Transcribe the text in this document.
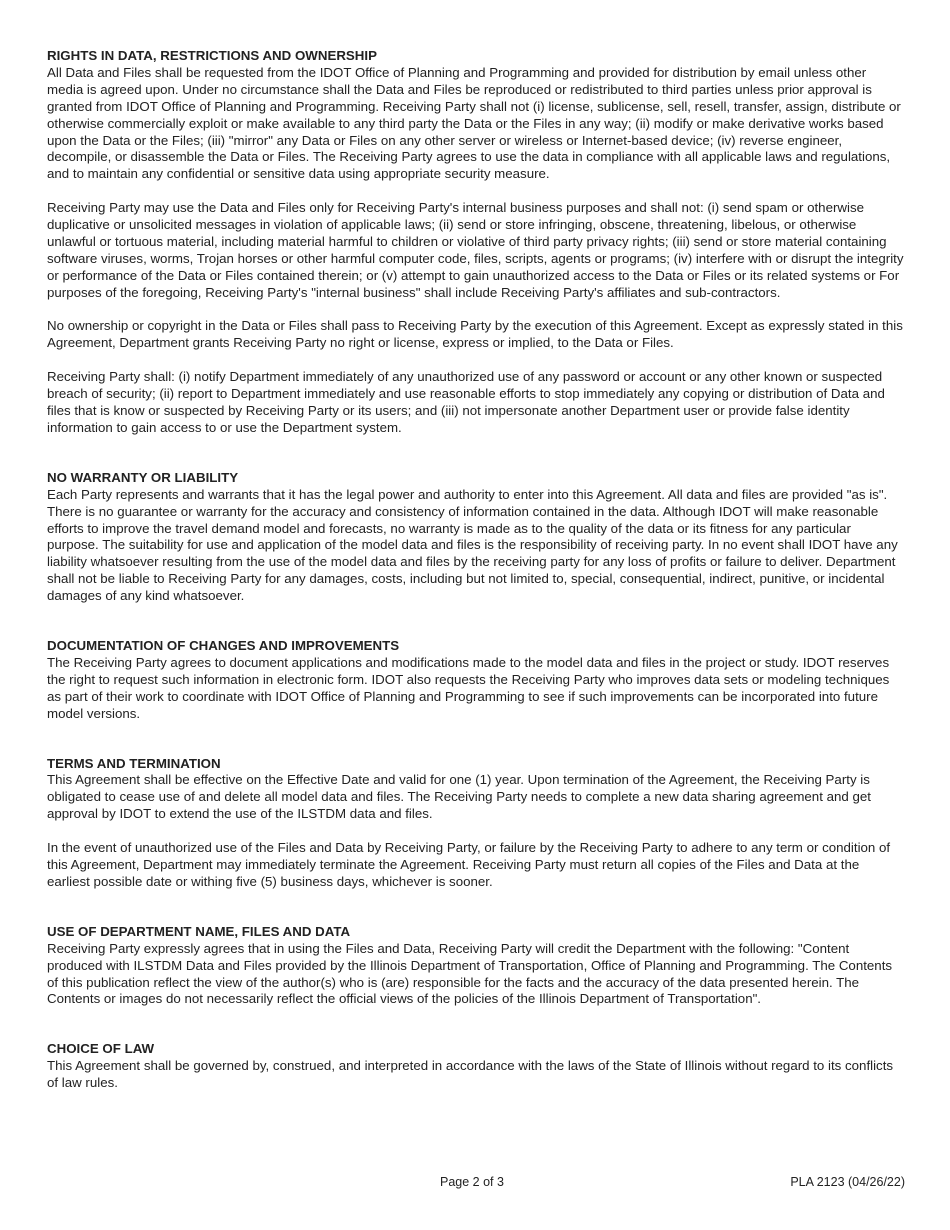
RIGHTS IN DATA, RESTRICTIONS AND OWNERSHIP

All Data and Files shall be requested from the IDOT Office of Planning and Programming and provided for distribution by email unless other media is agreed upon. Under no circumstance shall the Data and Files be reproduced or redistributed to third parties unless prior approval is granted from IDOT Office of Planning and Programming. Receiving Party shall not (i) license, sublicense, sell, resell, transfer, assign, distribute or otherwise commercially exploit or make available to any third party the Data or the Files in any way; (ii) modify or make derivative works based upon the Data or the Files; (iii) "mirror" any Data or Files on any other server or wireless or Internet-based device; (iv) reverse engineer, decompile, or disassemble the Data or Files. The Receiving Party agrees to use the data in compliance with all applicable laws and regulations, and to maintain any confidential or sensitive data using appropriate security measure.

Receiving Party may use the Data and Files only for Receiving Party's internal business purposes and shall not: (i) send spam or otherwise duplicative or unsolicited messages in violation of applicable laws; (ii) send or store infringing, obscene, threatening, libelous, or otherwise unlawful or tortuous material, including material harmful to children or violative of third party privacy rights; (iii) send or store material containing software viruses, worms, Trojan horses or other harmful computer code, files, scripts, agents or programs; (iv) interfere with or disrupt the integrity or performance of the Data or Files contained therein; or (v) attempt to gain unauthorized access to the Data or Files or its related systems or For purposes of the foregoing, Receiving Party's "internal business" shall include Receiving Party's affiliates and sub-contractors.

No ownership or copyright in the Data or Files shall pass to Receiving Party by the execution of this Agreement. Except as expressly stated in this Agreement, Department grants Receiving Party no right or license, express or implied, to the Data or Files.

Receiving Party shall: (i) notify Department immediately of any unauthorized use of any password or account or any other known or suspected breach of security; (ii) report to Department immediately and use reasonable efforts to stop immediately any copying or distribution of Data and files that is know or suspected by Receiving Party or its users; and (iii) not impersonate another Department user or provide false identity information to gain access to or use the Department system.

NO WARRANTY OR LIABILITY

Each Party represents and warrants that it has the legal power and authority to enter into this Agreement. All data and files are provided "as is". There is no guarantee or warranty for the accuracy and consistency of information contained in the data. Although IDOT will make reasonable efforts to improve the travel demand model and forecasts, no warranty is made as to the quality of the data or its fitness for any particular purpose. The suitability for use and application of the model data and files is the responsibility of receiving party. In no event shall IDOT have any liability whatsoever resulting from the use of the model data and files by the receiving party for any loss of profits or failure to deliver. Department shall not be liable to Receiving Party for any damages, costs, including but not limited to, special, consequential, indirect, punitive, or incidental damages of any kind whatsoever.

DOCUMENTATION OF CHANGES AND IMPROVEMENTS

The Receiving Party agrees to document applications and modifications made to the model data and files in the project or study. IDOT reserves the right to request such information in electronic form. IDOT also requests the Receiving Party who improves data sets or modeling techniques as part of their work to coordinate with IDOT Office of Planning and Programming to see if such improvements can be incorporated into future model versions.

TERMS AND TERMINATION

This Agreement shall be effective on the Effective Date and valid for one (1) year. Upon termination of the Agreement, the Receiving Party is obligated to cease use of and delete all model data and files. The Receiving Party needs to complete a new data sharing agreement and get approval by IDOT to extend the use of the ILSTDM data and files.

In the event of unauthorized use of the Files and Data by Receiving Party, or failure by the Receiving Party to adhere to any term or condition of this Agreement, Department may immediately terminate the Agreement. Receiving Party must return all copies of the Files and Data at the earliest possible date or withing five (5) business days, whichever is sooner.

USE OF DEPARTMENT NAME, FILES AND DATA

Receiving Party expressly agrees that in using the Files and Data, Receiving Party will credit the Department with the following: "Content produced with ILSTDM Data and Files provided by the Illinois Department of Transportation, Office of Planning and Programming. The Contents of this publication reflect the view of the author(s) who is (are) responsible for the facts and the accuracy of the data presented herein. The Contents or images do not necessarily reflect the official views of the policies of the Illinois Department of Transportation".

CHOICE OF LAW

This Agreement shall be governed by, construed, and interpreted in accordance with the laws of the State of Illinois without regard to its conflicts of law rules.

Page 2 of 3	PLA 2123 (04/26/22)
